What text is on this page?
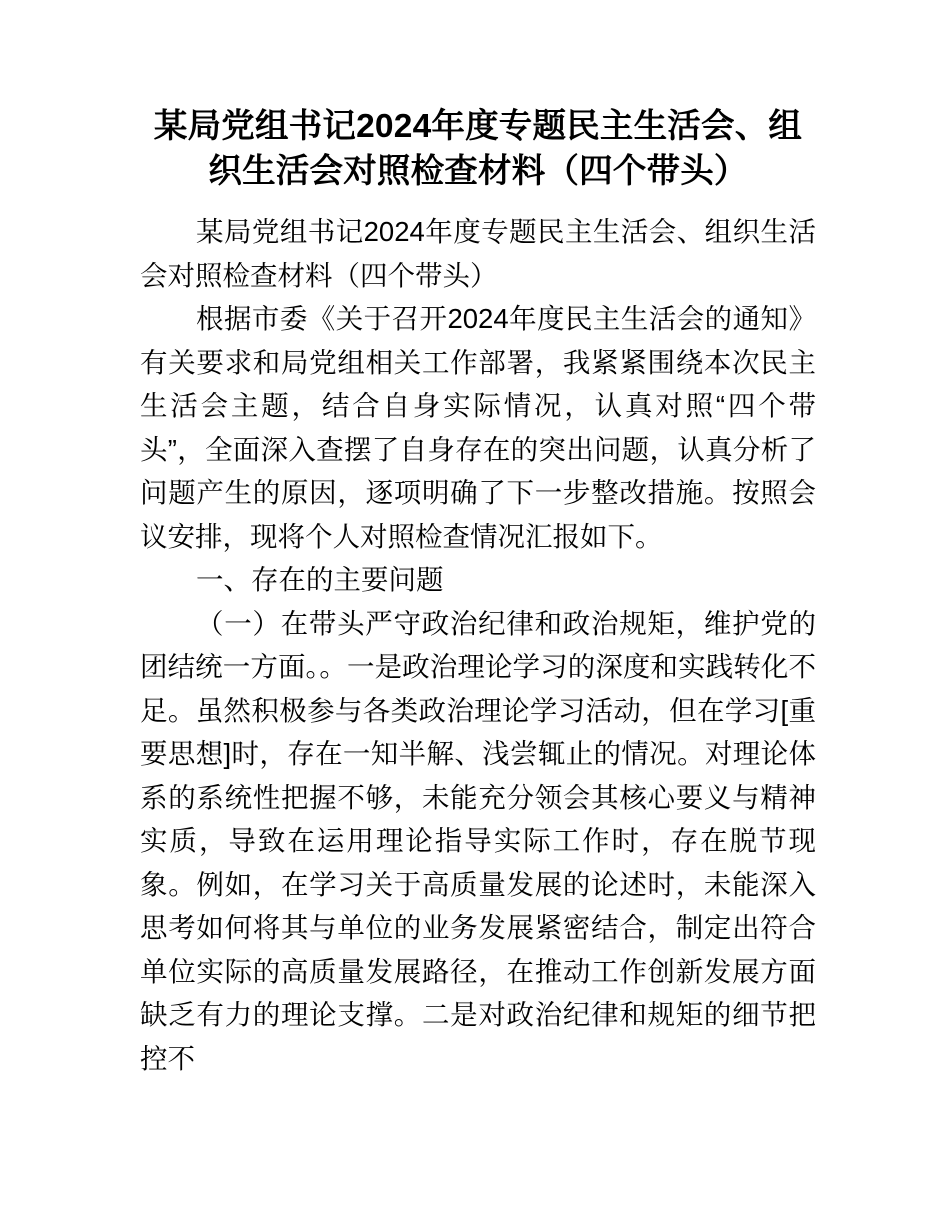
某局党组书记2024年度专题民主生活会、组织生活会对照检查材料（四个带头）

某局党组书记2024年度专题民主生活会、组织生活会对照检查材料（四个带头）

根据市委《关于召开2024年度民主生活会的通知》有关要求和局党组相关工作部署，我紧紧围绕本次民主生活会主题，结合自身实际情况，认真对照“四个带头”，全面深入查摆了自身存在的突出问题，认真分析了问题产生的原因，逐项明确了下一步整改措施。按照会议安排，现将个人对照检查情况汇报如下。

一、存在的主要问题

（一）在带头严守政治纪律和政治规矩，维护党的团结统一方面。。一是政治理论学习的深度和实践转化不足。虽然积极参与各类政治理论学习活动，但在学习[重要思想]时，存在一知半解、浅尝辄止的情况。对理论体系的系统性把握不够，未能充分领会其核心要义与精神实质，导致在运用理论指导实际工作时，存在脱节现象。例如，在学习关于高质量发展的论述时，未能深入思考如何将其与单位的业务发展紧密结合，制定出符合单位实际的高质量发展路径，在推动工作创新发展方面缺乏有力的理论支撑。二是对政治纪律和规矩的细节把控不
